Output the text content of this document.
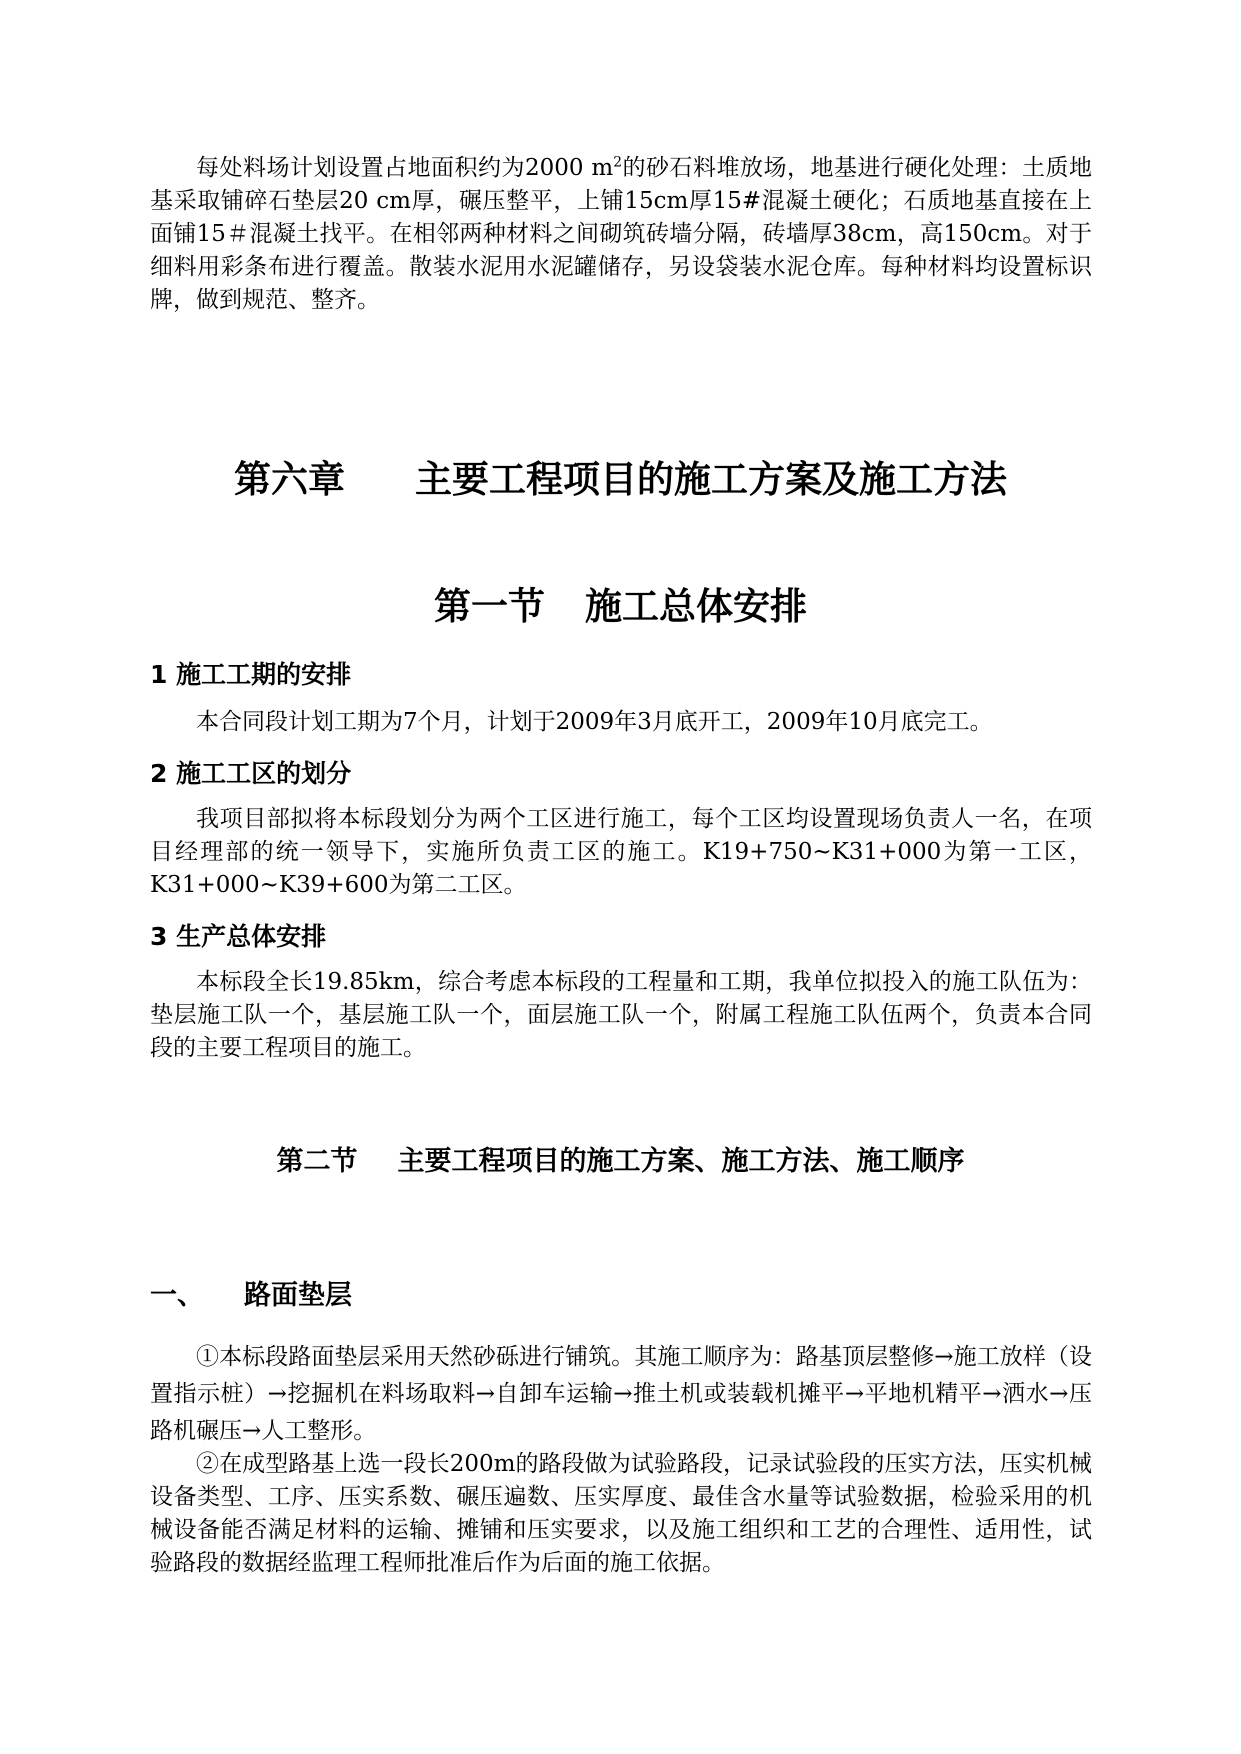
每处料场计划设置占地面积约为2000 $m^2$的砂石料堆放场，地基进行硬化处理：土质地基采取铺碎石垫层20 cm厚，碾压整平，上铺15cm厚15#混凝土硬化；石质地基直接在上面铺15＃混凝土找平。在相邻两种材料之间砌筑砖墙分隔，砖墙厚38cm，高150cm。对于细料用彩条布进行覆盖。散装水泥用水泥罐储存，另设袋装水泥仓库。每种材料均设置标识牌，做到规范、整齐。

第六章 主要工程项目的施工方案及施工方法
第一节 施工总体安排
1 施工工期的安排

本合同段计划工期为7个月，计划于2009年3月底开工，2009年10月底完工。

2 施工工区的划分

我项目部拟将本标段划分为两个工区进行施工，每个工区均设置现场负责人一名，在项目经理部的统一领导下，实施所负责工区的施工。K19+750~K31+000为第一工区，K31+000~K39+600为第二工区。

3 生产总体安排

本标段全长19.85km，综合考虑本标段的工程量和工期，我单位拟投入的施工队伍为：垫层施工队一个，基层施工队一个，面层施工队一个，附属工程施工队伍两个，负责本合同段的主要工程项目的施工。

第二节 主要工程项目的施工方案、施工方法、施工顺序
一、 路面垫层

①本标段路面垫层采用天然砂砾进行铺筑。其施工顺序为：路基顶层整修→施工放样（设置指示桩）→挖掘机在料场取料→自卸车运输→推土机或装载机摊平→平地机精平→洒水→压路机碾压→人工整形。

②在成型路基上选一段长200m的路段做为试验路段，记录试验段的压实方法，压实机械设备类型、工序、压实系数、碾压遍数、压实厚度、最佳含水量等试验数据，检验采用的机械设备能否满足材料的运输、摊铺和压实要求，以及施工组织和工艺的合理性、适用性，试验路段的数据经监理工程师批准后作为后面的施工依据。
